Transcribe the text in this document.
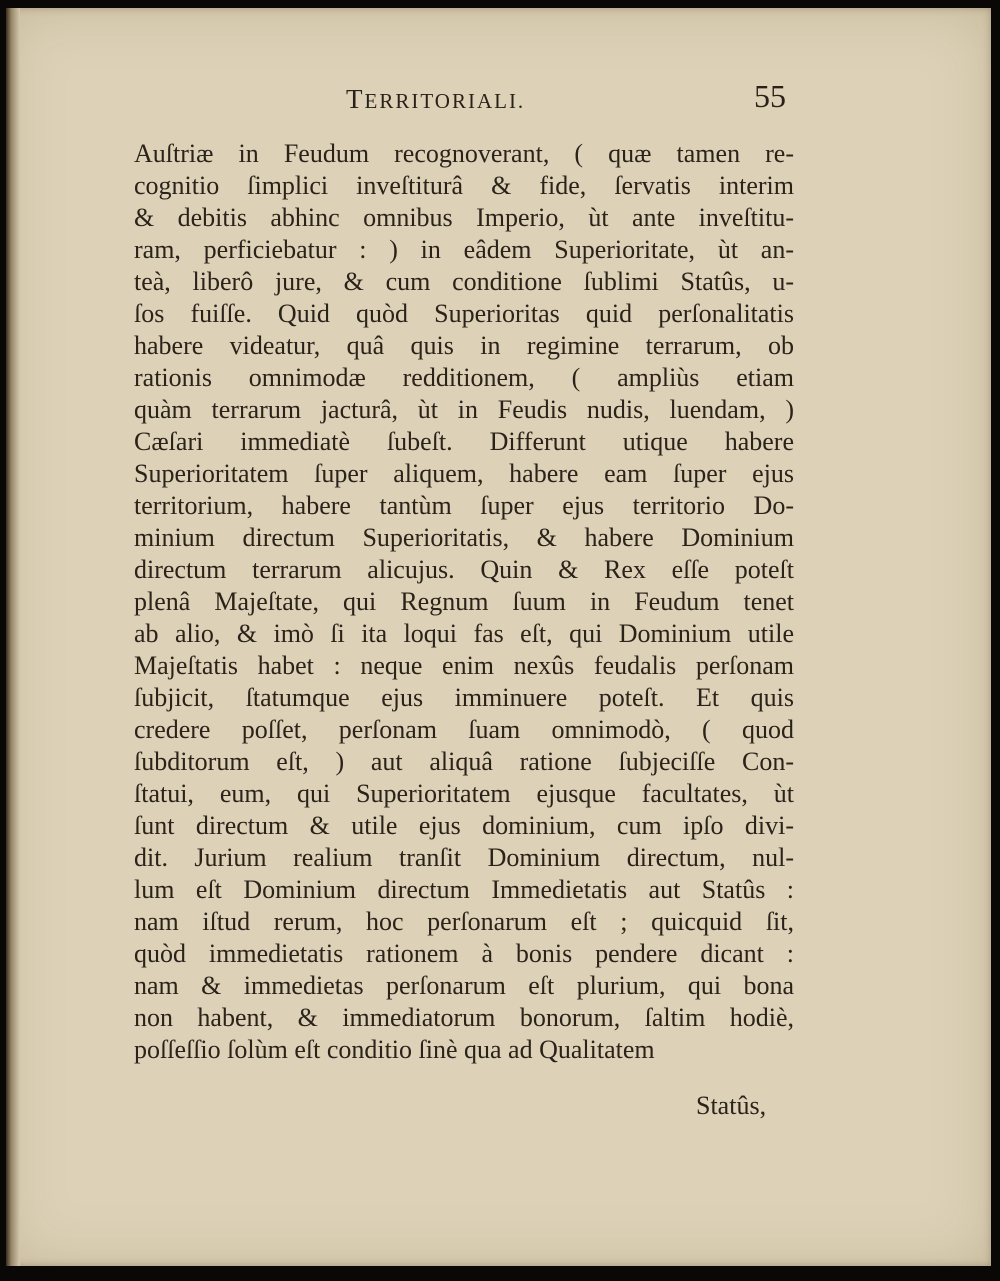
TERRITORIALI.	55
Auſtriæ in Feudum recognoverant, ( quæ tamen re-
cognitio ſimplici inveſtiturâ & fide, ſervatis interim
& debitis abhinc omnibus Imperio, ùt ante inveſtitu-
ram, perficiebatur : ) in eâdem Superioritate, ùt an-
teà, liberô jure, & cum conditione ſublimi Statûs, u-
ſos fuiſſe. Quid quòd Superioritas quid perſonalitatis
habere videatur, quâ quis in regimine terrarum, ob
rationis omnimodæ redditionem, ( ampliùs etiam
quàm terrarum jacturâ, ùt in Feudis nudis, luendam, )
Cæſari immediatè ſubeſt. Differunt utique habere
Superioritatem ſuper aliquem, habere eam ſuper ejus
territorium, habere tantùm ſuper ejus territorio Do-
minium directum Superioritatis, & habere Dominium
directum terrarum alicujus. Quin & Rex eſſe poteſt
plenâ Majeſtate, qui Regnum ſuum in Feudum tenet
ab alio, & imò ſi ita loqui fas eſt, qui Dominium utile
Majeſtatis habet : neque enim nexûs feudalis perſonam
ſubjicit, ſtatumque ejus imminuere poteſt. Et quis
credere poſſet, perſonam ſuam omnimodò, ( quod
ſubditorum eſt, ) aut aliquâ ratione ſubjeciſſe Con-
ſtatui, eum, qui Superioritatem ejusque facultates, ùt
ſunt directum & utile ejus dominium, cum ipſo divi-
dit. Jurium realium tranſit Dominium directum, nul-
lum eſt Dominium directum Immedietatis aut Statûs :
nam iſtud rerum, hoc perſonarum eſt ; quicquid ſit,
quòd immedietatis rationem à bonis pendere dicant :
nam & immedietas perſonarum eſt plurium, qui bona
non habent, & immediatorum bonorum, ſaltim hodiè,
poſſeſſio ſolùm eſt conditio ſinè qua ad Qualitatem
Statûs,
